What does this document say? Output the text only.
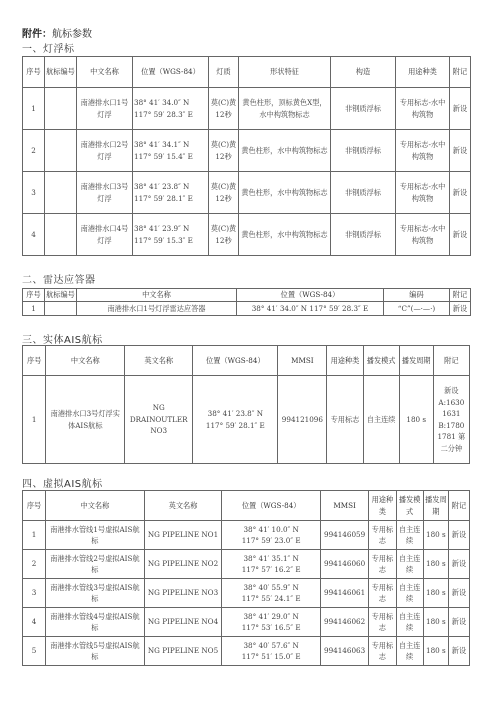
附件：航标参数
一、灯浮标
序号	航标编号	中文名称	位置（WGS-84）	灯质	形状特征	构造	用途种类	附记
1		南港排水口1号灯浮	38° 41′ 34.0″ N
117° 59′ 28.3″ E	莫(C)黄12秒	黄色柱形，顶标黄色X型，水中构筑物标志	非钢质浮标	专用标志-水中构筑物	新设
2		南港排水口2号灯浮	38° 41′ 34.1″ N
117° 59′ 15.4″ E	莫(C)黄12秒	黄色柱形，水中构筑物标志	非钢质浮标	专用标志-水中构筑物	新设
3		南港排水口3号灯浮	38° 41′ 23.8″ N
117° 59′ 28.1″ E	莫(C)黄12秒	黄色柱形，水中构筑物标志	非钢质浮标	专用标志-水中构筑物	新设
4		南港排水口4号灯浮	38° 41′ 23.9″ N
117° 59′ 15.3″ E	莫(C)黄12秒	黄色柱形，水中构筑物标志	非钢质浮标	专用标志-水中构筑物	新设
二、雷达应答器
序号	航标编号	中文名称	位置（WGS-84）	编码	附记
1		南港排水口1号灯浮雷达应答器	38° 41′ 34.0″ N 117° 59′ 28.3″ E	“C”(—·—·)	新设
三、实体AIS航标
序号	中文名称	英文名称	位置（WGS-84）	MMSI	用途种类	播发模式	播发周期	附记
1	南港排水口3号灯浮实体AIS航标	NG DRAINOUTLER NO3	38° 41′ 23.8″ N
117° 59′ 28.1″ E	994121096	专用标志	自主连续	180 s	新设 A:1630 1631 B:1780 1781 第二分钟
四、虚拟AIS航标
序号	中文名称	英文名称	位置（WGS-84）	MMSI	用途种类	播发模式	播发周期	附记
1	南港排水管线1号虚拟AIS航标	NG PIPELINE NO1	38° 41′ 10.0″ N
117° 59′ 23.0″ E	994146059	专用标志	自主连续	180 s	新设
2	南港排水管线2号虚拟AIS航标	NG PIPELINE NO2	38° 41′ 35.1″ N
117° 57′ 16.2″ E	994146060	专用标志	自主连续	180 s	新设
3	南港排水管线3号虚拟AIS航标	NG PIPELINE NO3	38° 40′ 55.9″ N
117° 55′ 24.1″ E	994146061	专用标志	自主连续	180 s	新设
4	南港排水管线4号虚拟AIS航标	NG PIPELINE NO4	38° 41′ 29.0″ N
117° 53′ 16.5″ E	994146062	专用标志	自主连续	180 s	新设
5	南港排水管线5号虚拟AIS航标	NG PIPELINE NO5	38° 40′ 57.6″ N
117° 51′ 15.0″ E	994146063	专用标志	自主连续	180 s	新设
